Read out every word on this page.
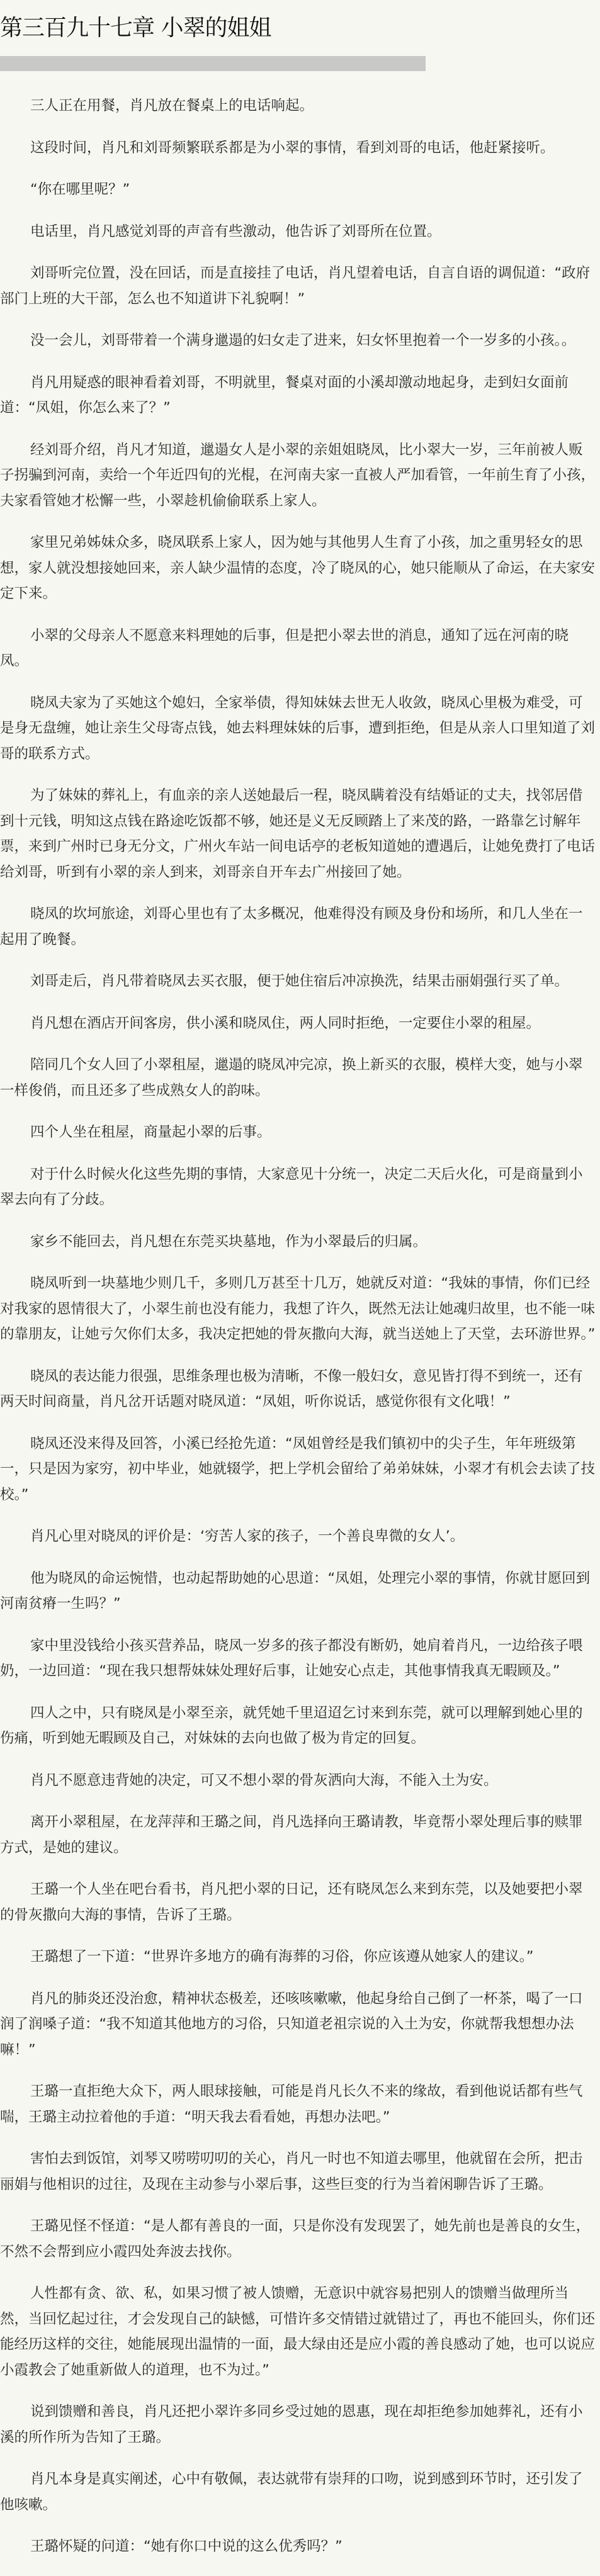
第三百九十七章 小翠的姐姐

三人正在用餐，肖凡放在餐桌上的电话响起。

这段时间，肖凡和刘哥频繁联系都是为小翠的事情，看到刘哥的电话，他赶紧接听。

“你在哪里呢？”

电话里，肖凡感觉刘哥的声音有些激动，他告诉了刘哥所在位置。

刘哥听完位置，没在回话，而是直接挂了电话，肖凡望着电话，自言自语的调侃道：“政府部门上班的大干部，怎么也不知道讲下礼貌啊！”

没一会儿，刘哥带着一个满身邋遢的妇女走了进来，妇女怀里抱着一个一岁多的小孩。。

肖凡用疑惑的眼神看着刘哥，不明就里，餐桌对面的小溪却激动地起身，走到妇女面前道：“凤姐，你怎么来了？”

经刘哥介绍，肖凡才知道，邋遢女人是小翠的亲姐姐晓凤，比小翠大一岁，三年前被人贩子拐骗到河南，卖给一个年近四旬的光棍，在河南夫家一直被人严加看管，一年前生育了小孩，夫家看管她才松懈一些，小翠趁机偷偷联系上家人。

家里兄弟姊妹众多，晓凤联系上家人，因为她与其他男人生育了小孩，加之重男轻女的思想，家人就没想接她回来，亲人缺少温情的态度，冷了晓凤的心，她只能顺从了命运，在夫家安定下来。

小翠的父母亲人不愿意来料理她的后事，但是把小翠去世的消息，通知了远在河南的晓凤。

晓凤夫家为了买她这个媳妇，全家举债，得知妹妹去世无人收敛，晓凤心里极为难受，可是身无盘缠，她让亲生父母寄点钱，她去料理妹妹的后事，遭到拒绝，但是从亲人口里知道了刘哥的联系方式。

为了妹妹的葬礼上，有血亲的亲人送她最后一程，晓凤瞒着没有结婚证的丈夫，找邻居借到十元钱，明知这点钱在路途吃饭都不够，她还是义无反顾踏上了来茂的路，一路靠乞讨解年票，来到广州时已身无分文，广州火车站一间电话亭的老板知道她的遭遇后，让她免费打了电话给刘哥，听到有小翠的亲人到来，刘哥亲自开车去广州接回了她。

晓凤的坎坷旅途，刘哥心里也有了太多概况，他难得没有顾及身份和场所，和几人坐在一起用了晚餐。

刘哥走后，肖凡带着晓凤去买衣服，便于她住宿后冲凉换洗，结果击丽娟强行买了单。

肖凡想在酒店开间客房，供小溪和晓凤住，两人同时拒绝，一定要住小翠的租屋。

陪同几个女人回了小翠租屋，邋遢的晓凤冲完凉，换上新买的衣服，模样大变，她与小翠一样俊俏，而且还多了些成熟女人的韵味。

四个人坐在租屋，商量起小翠的后事。

对于什么时候火化这些先期的事情，大家意见十分统一，决定二天后火化，可是商量到小翠去向有了分歧。

家乡不能回去，肖凡想在东莞买块墓地，作为小翠最后的归属。

晓凤听到一块墓地少则几千，多则几万甚至十几万，她就反对道：“我妹的事情，你们已经对我家的恩情很大了，小翠生前也没有能力，我想了许久，既然无法让她魂归故里，也不能一味的靠朋友，让她亏欠你们太多，我决定把她的骨灰撒向大海，就当送她上了天堂，去环游世界。”

晓凤的表达能力很强，思维条理也极为清晰，不像一般妇女，意见皆打得不到统一，还有两天时间商量，肖凡岔开话题对晓凤道：“凤姐，听你说话，感觉你很有文化哦！”

晓凤还没来得及回答，小溪已经抢先道：“凤姐曾经是我们镇初中的尖子生，年年班级第一，只是因为家穷，初中毕业，她就辍学，把上学机会留给了弟弟妹妹，小翠才有机会去读了技校。”

肖凡心里对晓凤的评价是：‘穷苦人家的孩子，一个善良卑微的女人’。

他为晓凤的命运惋惜，也动起帮助她的心思道：“凤姐，处理完小翠的事情，你就甘愿回到河南贫瘠一生吗？”

家中里没钱给小孩买营养品，晓凤一岁多的孩子都没有断奶，她肩着肖凡，一边给孩子喂奶，一边回道：“现在我只想帮妹妹处理好后事，让她安心点走，其他事情我真无暇顾及。”

四人之中，只有晓凤是小翠至亲，就凭她千里迢迢乞讨来到东莞，就可以理解到她心里的伤痛，听到她无暇顾及自己，对妹妹的去向也做了极为肯定的回复。

肖凡不愿意违背她的决定，可又不想小翠的骨灰洒向大海，不能入土为安。

离开小翠租屋，在龙萍萍和王璐之间，肖凡选择向王璐请教，毕竟帮小翠处理后事的赎罪方式，是她的建议。

王璐一个人坐在吧台看书，肖凡把小翠的日记，还有晓凤怎么来到东莞，以及她要把小翠的骨灰撒向大海的事情，告诉了王璐。

王璐想了一下道：“世界许多地方的确有海葬的习俗，你应该遵从她家人的建议。”

肖凡的肺炎还没治愈，精神状态极差，还咳咳嗽嗽，他起身给自己倒了一杯茶，喝了一口润了润嗓子道：“我不知道其他地方的习俗，只知道老祖宗说的入土为安，你就帮我想想办法嘛！”

王璐一直拒绝大众下，两人眼球接触，可能是肖凡长久不来的缘故，看到他说话都有些气喘，王璐主动拉着他的手道：“明天我去看看她，再想办法吧。”

害怕去到饭馆，刘琴又唠唠叨叨的关心，肖凡一时也不知道去哪里，他就留在会所，把击丽娟与他相识的过往，及现在主动参与小翠后事，这些巨变的行为当着闲聊告诉了王璐。

王璐见怪不怪道：“是人都有善良的一面，只是你没有发现罢了，她先前也是善良的女生，不然不会帮到应小霞四处奔波去找你。

人性都有贪、欲、私，如果习惯了被人馈赠，无意识中就容易把别人的馈赠当做理所当然，当回忆起过往，才会发现自己的缺憾，可惜许多交情错过就错过了，再也不能回头，你们还能经历这样的交往，她能展现出温情的一面，最大绿由还是应小霞的善良感动了她，也可以说应小霞教会了她重新做人的道理，也不为过。”

说到馈赠和善良，肖凡还把小翠许多同乡受过她的恩惠，现在却拒绝参加她葬礼，还有小溪的所作所为告知了王璐。

肖凡本身是真实阐述，心中有敬佩，表达就带有崇拜的口吻，说到感到环节时，还引发了他咳嗽。

王璐怀疑的问道：“她有你口中说的这么优秀吗？”
